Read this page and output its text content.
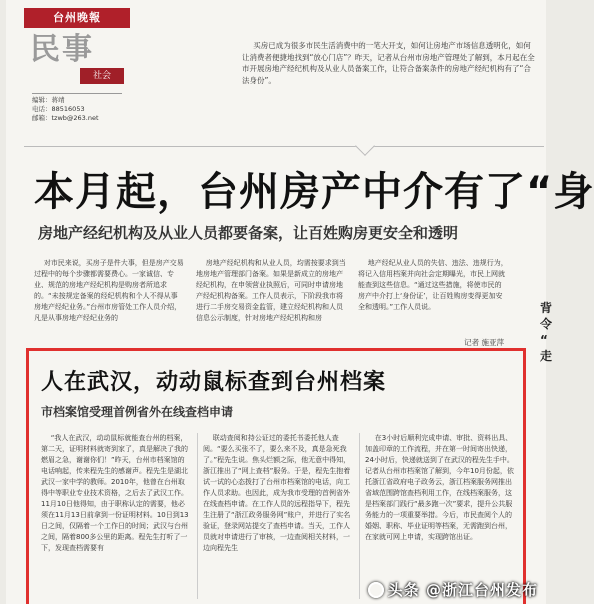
台州晚報
民事
社会
编辑：蒋靖
电话：88516053
邮箱：tzwb@263.net

买房已成为很多市民生活消费中的一笔大开支，如何让房地产市场信息透明化，如何让消费者便捷地找到“放心门店”？昨天，记者从台州市房地产管理处了解到，本月起在全市开展房地产经纪机构及从业人员备案工作，让符合备案条件的房地产经纪机构有了“合法身份”。

本月起，台州房产中介有了“身
房地产经纪机构及从业人员都要备案，让百姓购房更安全和透明

对市民来说，买房子是件大事，但是房产交易过程中的每个步骤都需要费心。一家诚信、专业、规范的房地产经纪机构是购房者所追求的。“未按规定备案的经纪机构和个人不得从事房地产经纪业务。”台州市房管处工作人员介绍，凡是从事房地产经纪业务的

房地产经纪机构和从业人员，均需按要求到当地房地产管理部门备案。如果是新成立的房地产经纪机构，在申领营业执照后，可同时申请房地产经纪机构备案。工作人员表示，下阶段我市将进行二手房交易资金监管，建立经纪机构和人员信息公示制度，针对房地产经纪机构和房

地产经纪从业人员的失信、违法、违规行为，将记入信用档案并向社会定期曝光，市民上网就能查到这些信息。“通过这些措施，将使市民的房产中介打上‘身份证’，让百姓购房变得更加安全和透明。”工作人员说。

记者 施亚萍
背
令
“
走
人在武汉，动动鼠标查到台州档案
市档案馆受理首例省外在线查档申请

“我人在武汉，动动鼠标就能查台州的档案，第二天，证明材料就寄到家了，真是解决了我的燃眉之急，谢谢你们！”昨天，台州市档案馆的电话响起，传来程先生的感谢声。程先生是湖北武汉一家中学的教师。2010年，他曾在台州取得中等职业专业技术资格，之后去了武汉工作。11月10日他得知，由于职称认定的需要，他必须在11月13日前拿到一份证明材料。10日到13日之间，仅隔着一个工作日的时间；武汉与台州之间，隔着800多公里的距离。程先生打听了一下，发现查档需要有

联动查阅和持公证过的委托书委托他人查阅。“要么买张不了，要么来不及，真是急死我了。”程先生说。焦头烂额之际，他无意中得知，浙江推出了“网上查档”服务。于是，程先生抱着试一试的心态拨打了台州市档案馆的电话，向工作人员求助。也因此，成为我市受理的首例省外在线查档申请。在工作人员的远程指导下，程先生注册了“浙江政务服务网”账户，并进行了实名验证，登录网站提交了查档申请。当天，工作人员就对申请进行了审核，一边查阅相关材料，一边向程先生

在3小时后顺利完成申请、审批、资料出具、加盖印章的工作流程，并在第一时间寄出快递，24小时后，快递就送到了在武汉的程先生手中。记者从台州市档案馆了解到，今年10月份起，依托浙江省政府电子政务云，浙江档案服务网推出省域范围跨馆查档利用工作，在线档案服务，这是档案部门践行“最多跑一次”要求，提升公共服务能力的一项重要举措。今后，市民查阅个人的婚姻、职称、毕业证明等档案，无需跑到台州，在家就可网上申请，实现跨馆出证。

头条 @浙江台州发布
